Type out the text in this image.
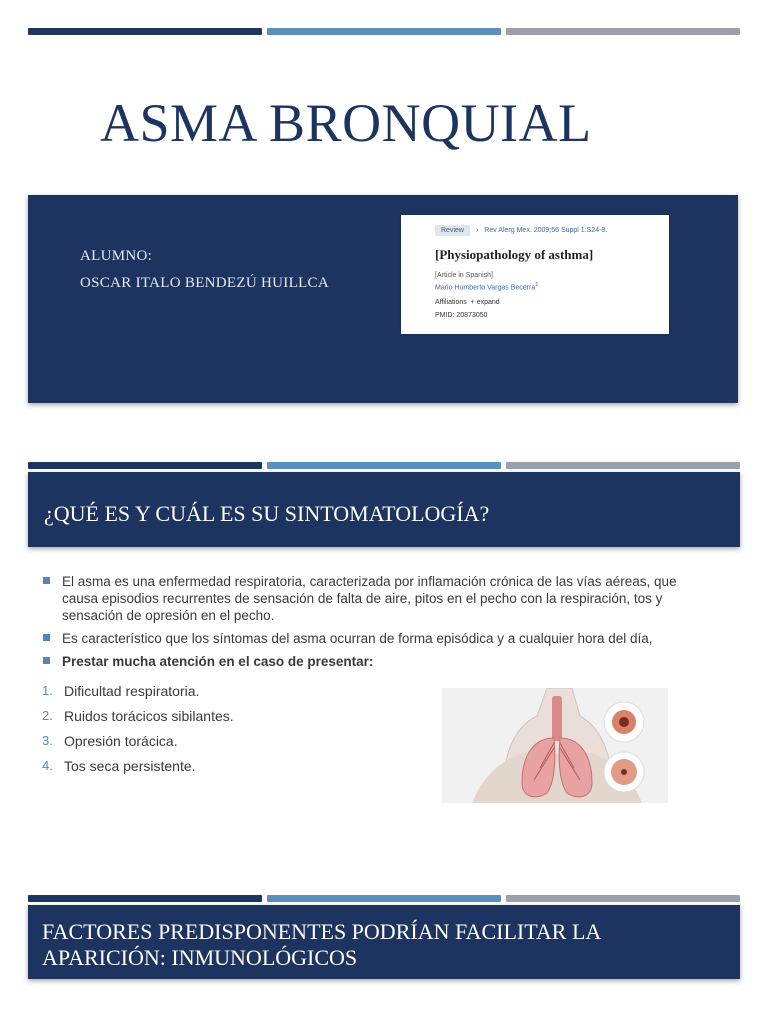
ASMA BRONQUIAL
ALUMNO:
OSCAR ITALO BENDEZÚ HUILLCA
Review	› Rev Alerg Mex. 2009;56 Suppl 1:S24-8.
[Physiopathology of asthma]
[Article in Spanish]
Mario Humberto Vargas Becerra$^1$
Affiliations + expand
PMID: 20873050
¿QUÉ ES Y CUÁL ES SU SINTOMATOLOGÍA?
El asma es una enfermedad respiratoria, caracterizada por inflamación crónica de las vías aéreas, que causa episodios recurrentes de sensación de falta de aire, pitos en el pecho con la respiración, tos y sensación de opresión en el pecho.
Es característico que los síntomas del asma ocurran de forma episódica y a cualquier hora del día,
Prestar mucha atención en el caso de presentar:
1. Dificultad respiratoria.
2. Ruidos torácicos sibilantes.
3. Opresión torácica.
4. Tos seca persistente.
FACTORES PREDISPONENTES PODRÍAN FACILITAR LA
APARICIÓN: INMUNOLÓGICOS
